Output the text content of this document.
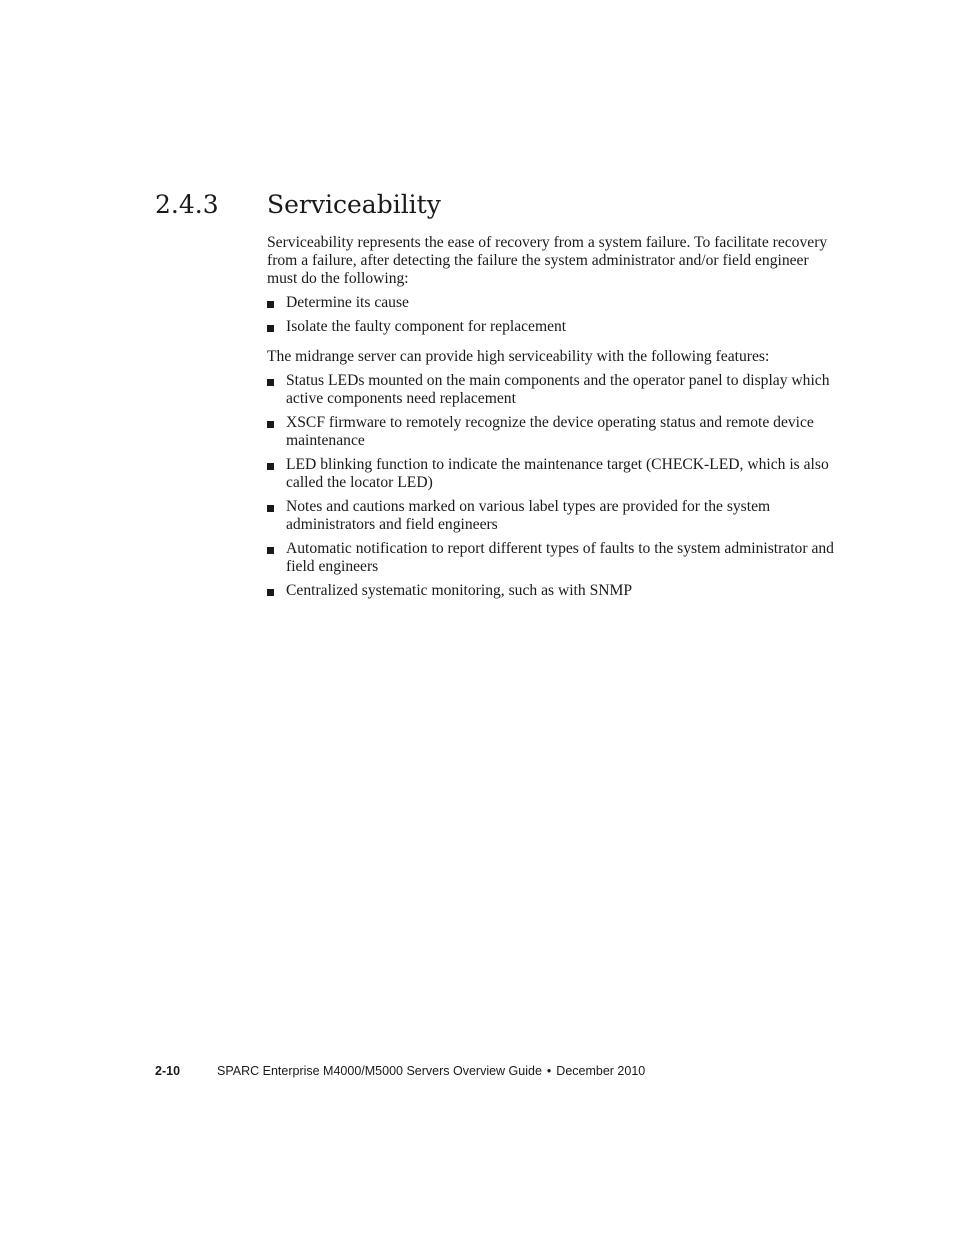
2.4.3 Serviceability

Serviceability represents the ease of recovery from a system failure. To facilitate recovery from a failure, after detecting the failure the system administrator and/or field engineer must do the following:

Determine its cause
Isolate the faulty component for replacement

The midrange server can provide high serviceability with the following features:

Status LEDs mounted on the main components and the operator panel to display which active components need replacement
XSCF firmware to remotely recognize the device operating status and remote device maintenance
LED blinking function to indicate the maintenance target (CHECK-LED, which is also called the locator LED)
Notes and cautions marked on various label types are provided for the system administrators and field engineers
Automatic notification to report different types of faults to the system administrator and field engineers
Centralized systematic monitoring, such as with SNMP
2-10	SPARC Enterprise M4000/M5000 Servers Overview Guide • December 2010
